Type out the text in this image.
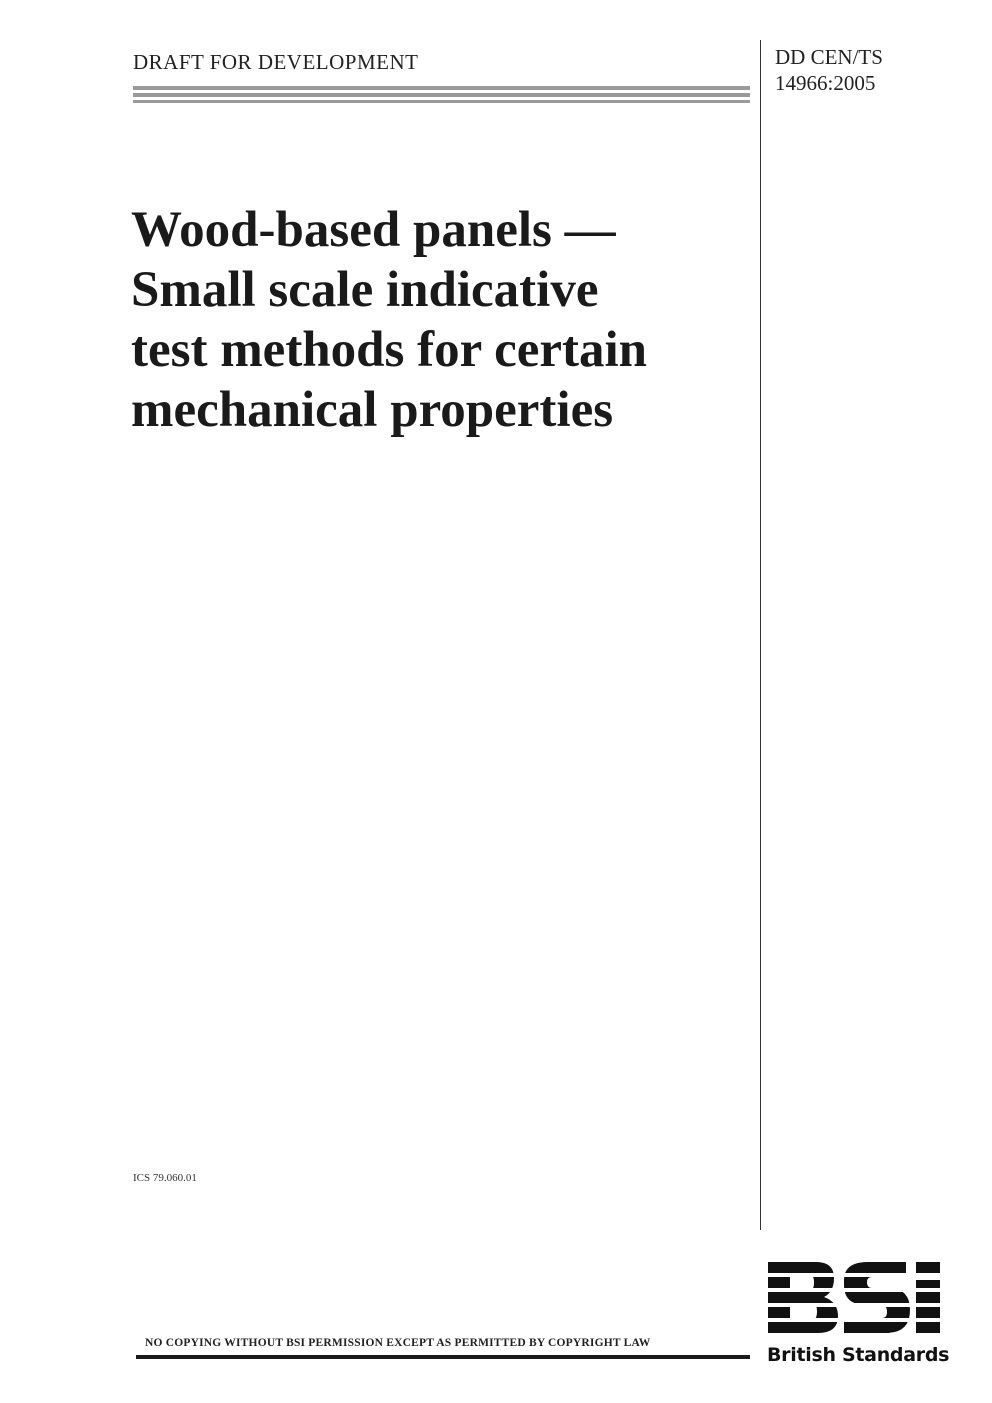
DRAFT FOR DEVELOPMENT	DD CEN/TS
14966:2005
Wood-based panels —
Small scale indicative
test methods for certain
mechanical properties
ICS 79.060.01
NO COPYING WITHOUT BSI PERMISSION EXCEPT AS PERMITTED BY COPYRIGHT LAW
British Standards
